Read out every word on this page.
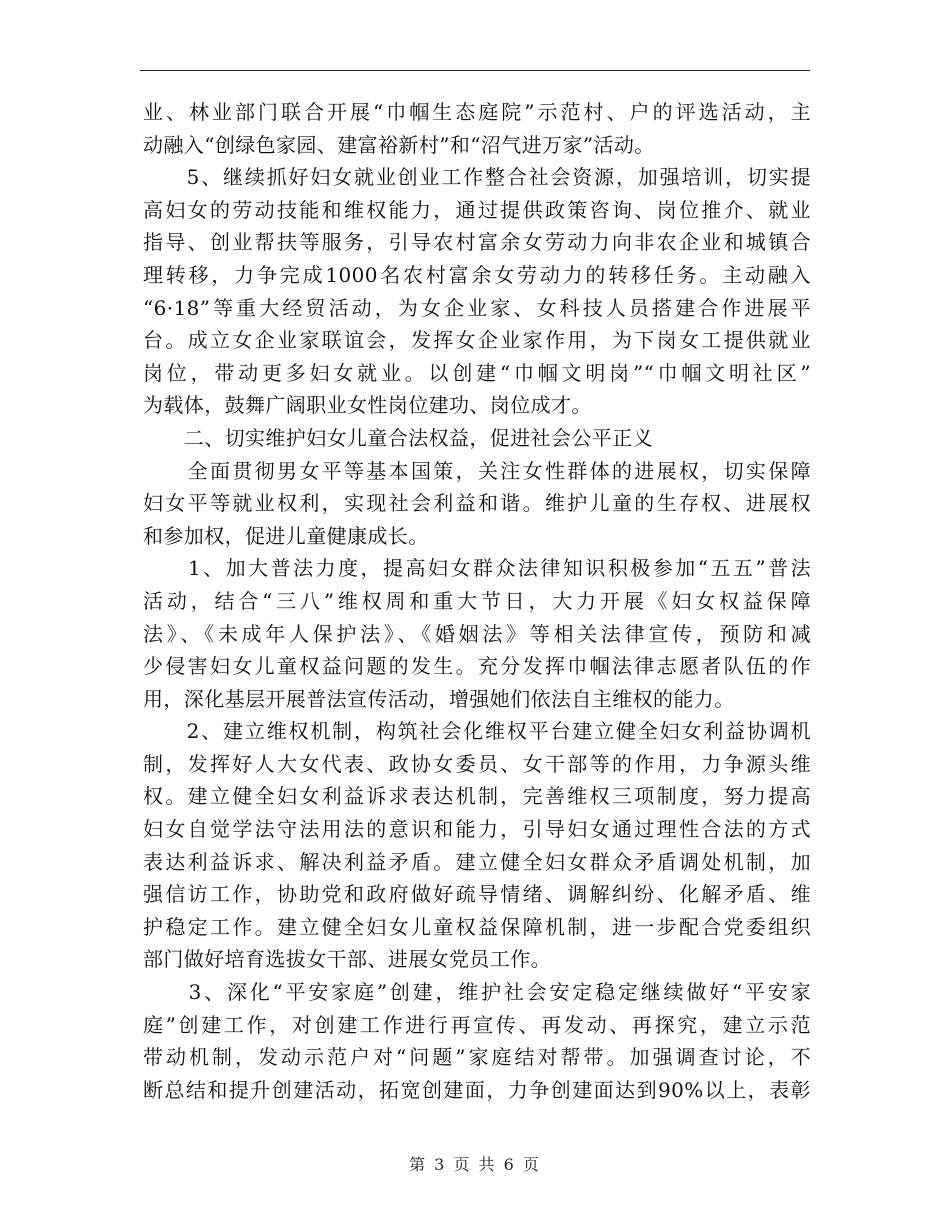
业、林业部门联合开展“巾帼生态庭院”示范村、户的评选活动，主
动融入“创绿色家园、建富裕新村”和“沼气进万家”活动。
　　5、继续抓好妇女就业创业工作整合社会资源，加强培训，切实提
高妇女的劳动技能和维权能力，通过提供政策咨询、岗位推介、就业
指导、创业帮扶等服务，引导农村富余女劳动力向非农企业和城镇合
理转移，力争完成1000名农村富余女劳动力的转移任务。主动融入
“6·18”等重大经贸活动，为女企业家、女科技人员搭建合作进展平
台。成立女企业家联谊会，发挥女企业家作用，为下岗女工提供就业
岗位，带动更多妇女就业。以创建“巾帼文明岗”“巾帼文明社区”
为载体，鼓舞广阔职业女性岗位建功、岗位成才。
　　二、切实维护妇女儿童合法权益，促进社会公平正义
　　全面贯彻男女平等基本国策，关注女性群体的进展权，切实保障
妇女平等就业权利，实现社会利益和谐。维护儿童的生存权、进展权
和参加权，促进儿童健康成长。
　　1、加大普法力度，提高妇女群众法律知识积极参加“五五”普法
活动，结合“三八”维权周和重大节日，大力开展《妇女权益保障
法》、《未成年人保护法》、《婚姻法》等相关法律宣传，预防和减
少侵害妇女儿童权益问题的发生。充分发挥巾帼法律志愿者队伍的作
用，深化基层开展普法宣传活动，增强她们依法自主维权的能力。
　　2、建立维权机制，构筑社会化维权平台建立健全妇女利益协调机
制，发挥好人大女代表、政协女委员、女干部等的作用，力争源头维
权。建立健全妇女利益诉求表达机制，完善维权三项制度，努力提高
妇女自觉学法守法用法的意识和能力，引导妇女通过理性合法的方式
表达利益诉求、解决利益矛盾。建立健全妇女群众矛盾调处机制，加
强信访工作，协助党和政府做好疏导情绪、调解纠纷、化解矛盾、维
护稳定工作。建立健全妇女儿童权益保障机制，进一步配合党委组织
部门做好培育选拔女干部、进展女党员工作。
　　3、深化“平安家庭”创建，维护社会安定稳定继续做好“平安家
庭”创建工作，对创建工作进行再宣传、再发动、再探究，建立示范
带动机制，发动示范户对“问题”家庭结对帮带。加强调查讨论，不
断总结和提升创建活动，拓宽创建面，力争创建面达到90%以上，表彰
第 3 页 共 6 页
